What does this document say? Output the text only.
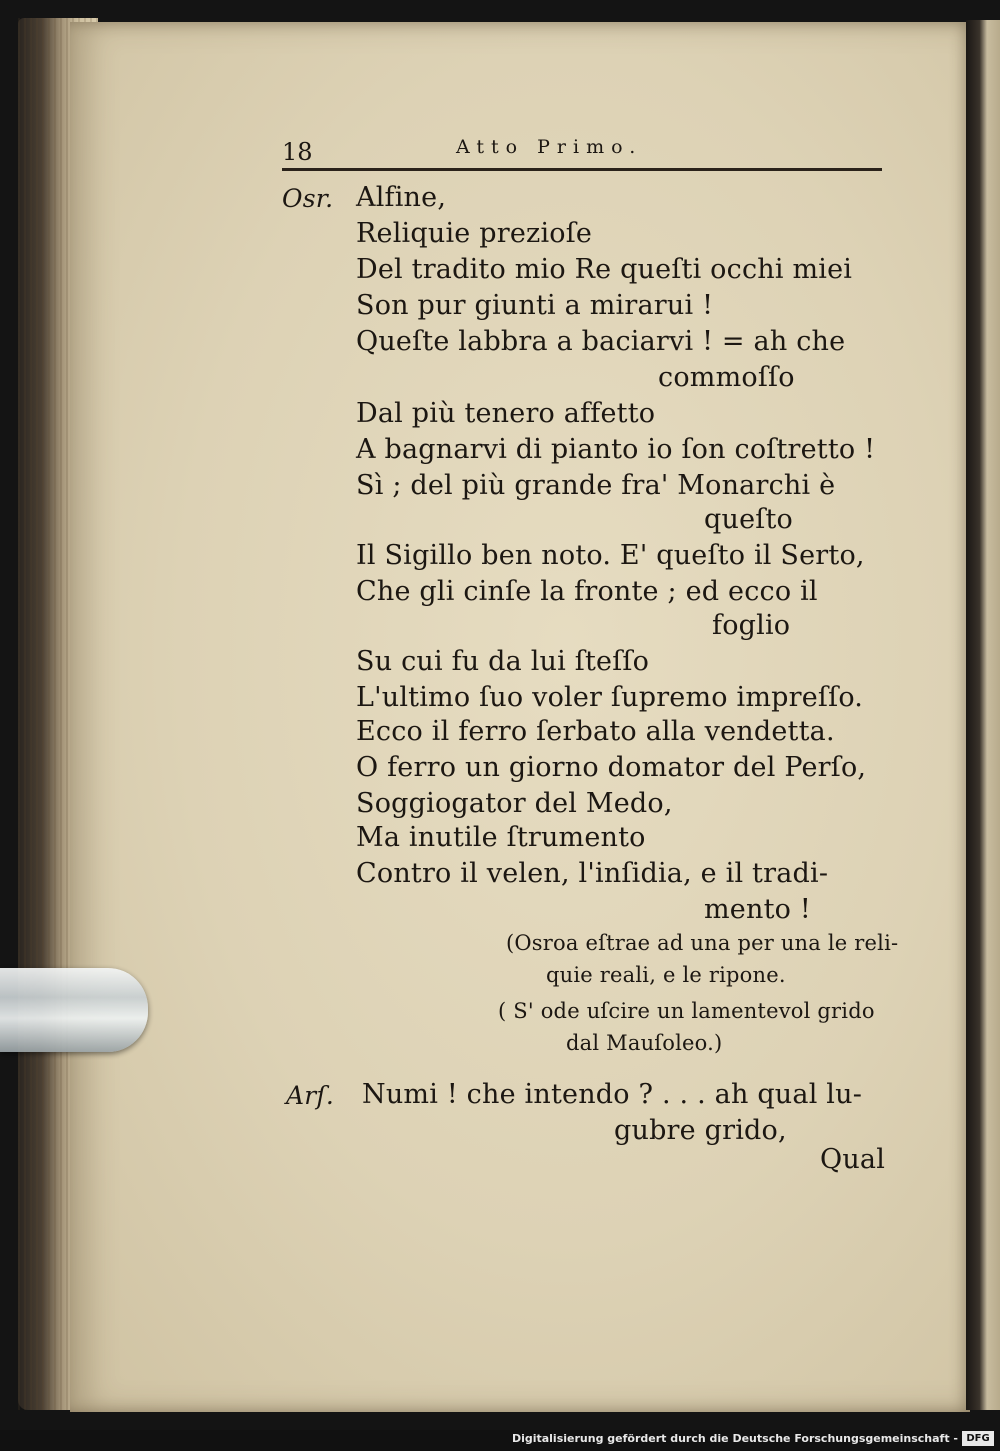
18	Atto Primo.
Osr. Alfine,
Reliquie prezioſe
Del tradito mio Re queſti occhi miei
Son pur giunti a mirarui !
Queſte labbra a baciarvi ! = ah che
commoſſo
Dal più tenero affetto
A bagnarvi di pianto io ſon coſtretto !
Sì ; del più grande fra' Monarchi è
queſto
Il Sigillo ben noto. E' queſto il Serto,
Che gli cinſe la fronte ; ed ecco il
foglio
Su cui fu da lui ſteſſo
L'ultimo ſuo voler ſupremo impreſſo.
Ecco il ferro ſerbato alla vendetta.
O ferro un giorno domator del Perſo,
Soggiogator del Medo,
Ma inutile ſtrumento
Contro il velen, l'inſidia, e il tradi-
mento !
(Osroa eſtrae ad una per una le reli-
quie reali, e le ripone.
( S' ode uſcire un lamentevol grido
dal Mauſoleo.)
Arſ. Numi ! che intendo ? . . . ah qual lu-
gubre grido,
Qual
Digitalisierung gefördert durch die Deutsche Forschungsgemeinschaft - DFG
